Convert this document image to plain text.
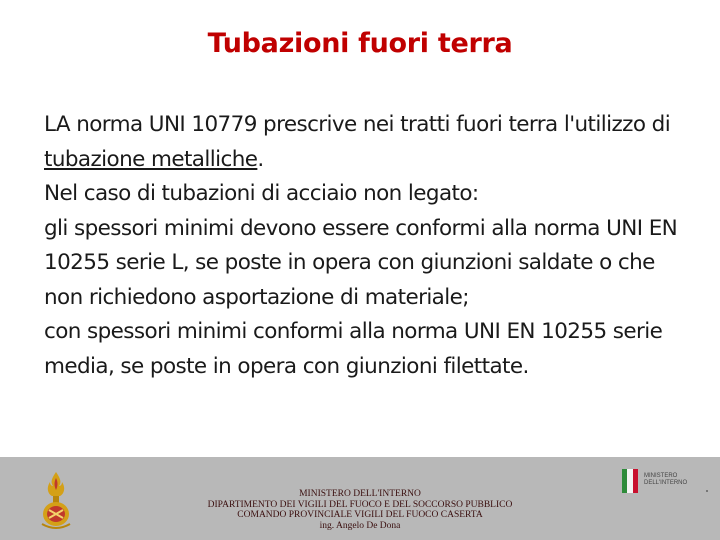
Tubazioni fuori terra

LA norma UNI 10779 prescrive nei tratti fuori terra l'utilizzo di tubazione metalliche.

Nel caso di tubazioni di acciaio non legato:

gli spessori minimi devono essere conformi alla norma UNI EN 10255 serie L, se poste in opera con giunzioni saldate o che non richiedono asportazione di materiale;

con spessori minimi conformi alla norma UNI EN 10255 serie media, se poste in opera con giunzioni filettate.

MINISTERO DELL'INTERNO
DIPARTIMENTO DEI VIGILI DEL FUOCO E DEL SOCCORSO PUBBLICO
COMANDO PROVINCIALE VIGILI DEL FUOCO CASERTA
ing. Angelo De Dona
MINISTERO DELL'INTERNO
